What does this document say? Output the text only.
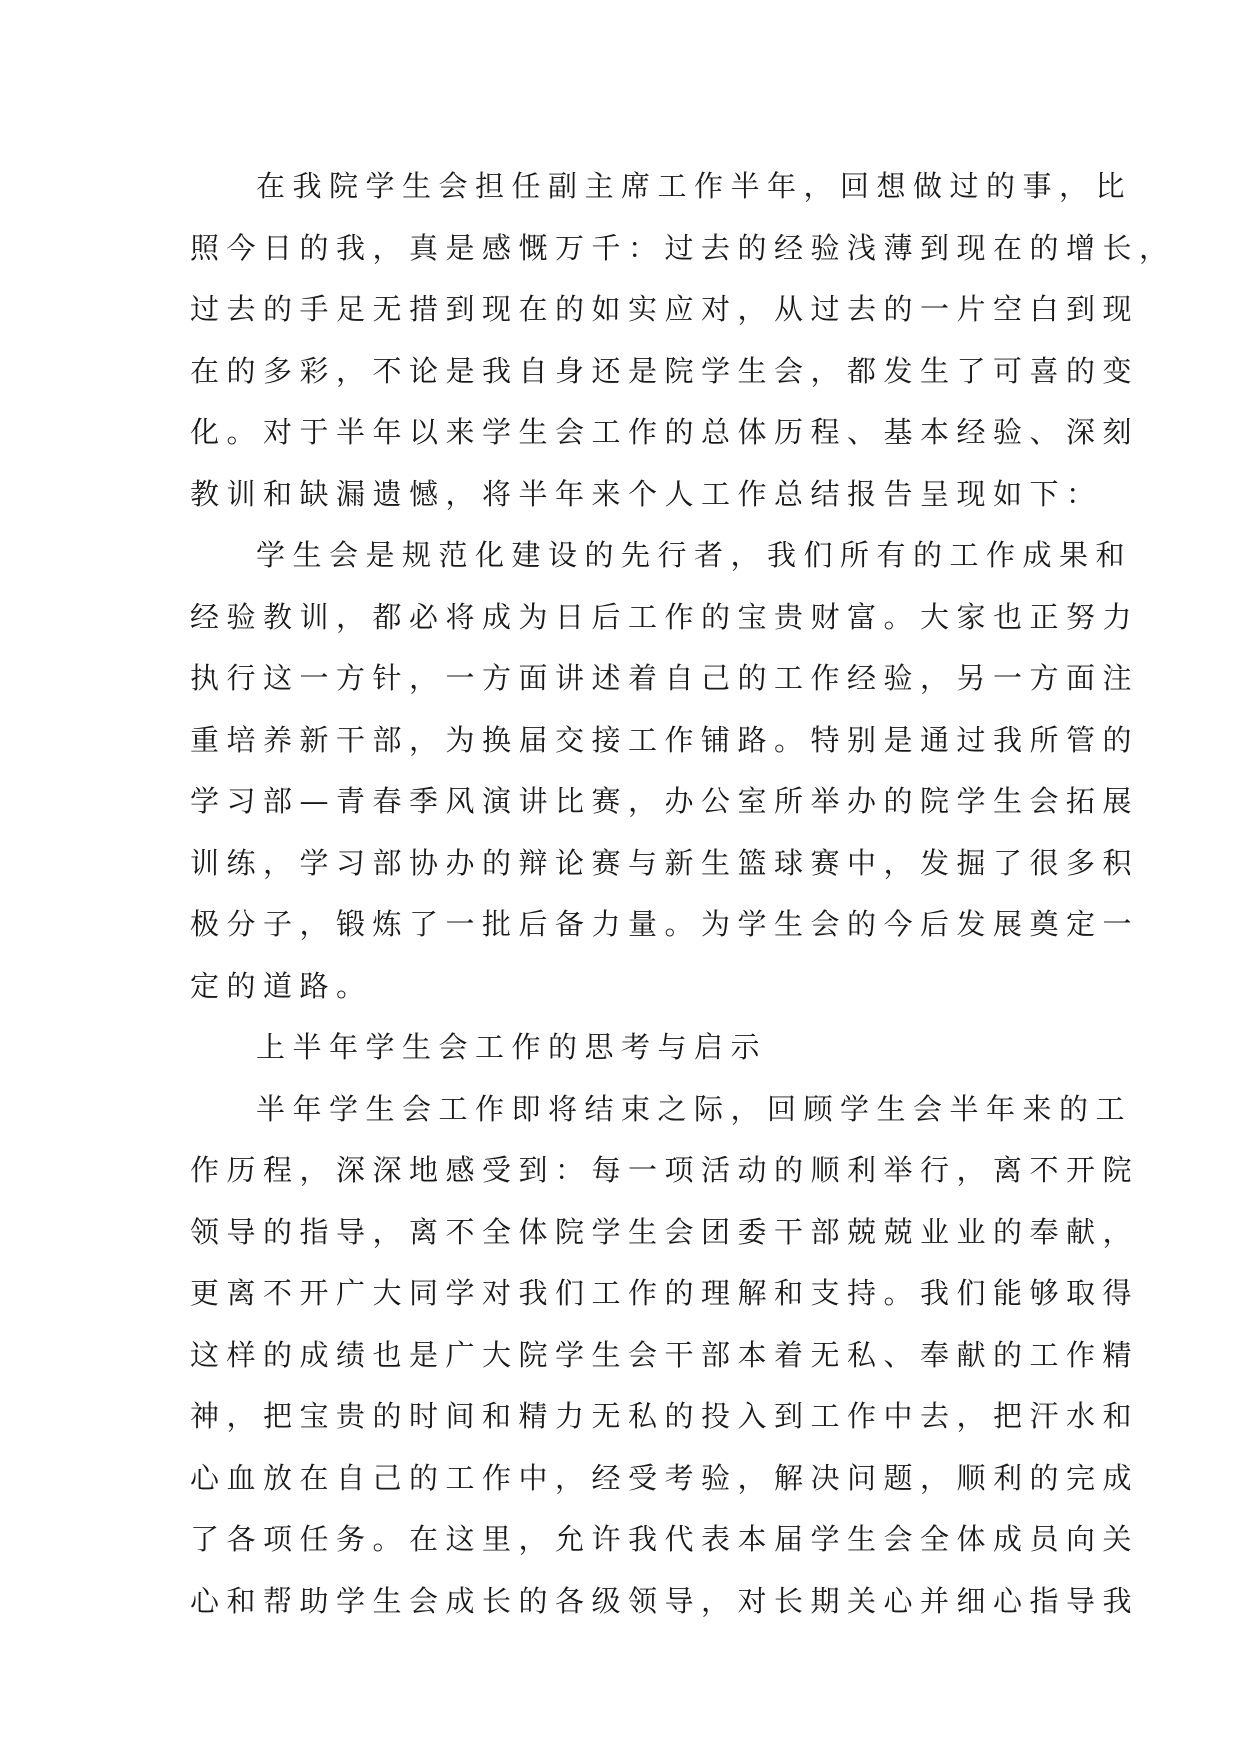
在我院学生会担任副主席工作半年，回想做过的事，比
照今日的我，真是感慨万千：过去的经验浅薄到现在的增长，
过去的手足无措到现在的如实应对，从过去的一片空白到现
在的多彩，不论是我自身还是院学生会，都发生了可喜的变
化。对于半年以来学生会工作的总体历程、基本经验、深刻
教训和缺漏遗憾，将半年来个人工作总结报告呈现如下：
学生会是规范化建设的先行者，我们所有的工作成果和
经验教训，都必将成为日后工作的宝贵财富。大家也正努力
执行这一方针，一方面讲述着自己的工作经验，另一方面注
重培养新干部，为换届交接工作铺路。特别是通过我所管的
学习部—青春季风演讲比赛，办公室所举办的院学生会拓展
训练，学习部协办的辩论赛与新生篮球赛中，发掘了很多积
极分子，锻炼了一批后备力量。为学生会的今后发展奠定一
定的道路。
上半年学生会工作的思考与启示
半年学生会工作即将结束之际，回顾学生会半年来的工
作历程，深深地感受到：每一项活动的顺利举行，离不开院
领导的指导，离不全体院学生会团委干部兢兢业业的奉献，
更离不开广大同学对我们工作的理解和支持。我们能够取得
这样的成绩也是广大院学生会干部本着无私、奉献的工作精
神，把宝贵的时间和精力无私的投入到工作中去，把汗水和
心血放在自己的工作中，经受考验，解决问题，顺利的完成
了各项任务。在这里，允许我代表本届学生会全体成员向关
心和帮助学生会成长的各级领导，对长期关心并细心指导我
